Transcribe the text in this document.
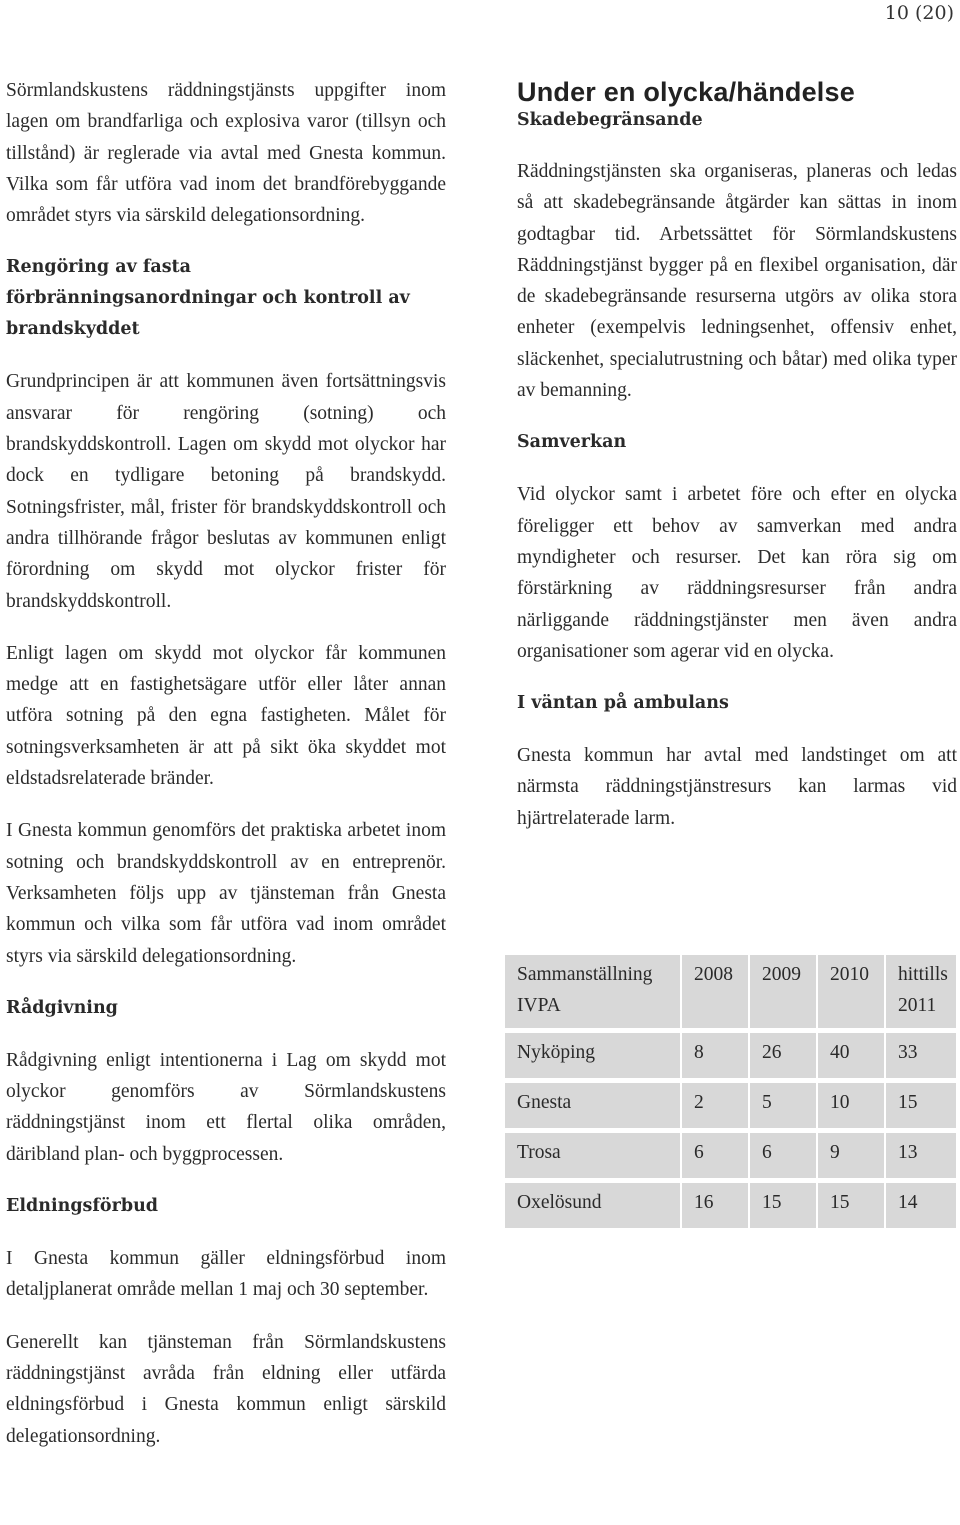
10 (20)

Sörmlandskustens räddningstjänsts uppgifter inom lagen om brandfarliga och explosiva varor (tillsyn och tillstånd) är reglerade via avtal med Gnesta kommun. Vilka som får utföra vad inom det brandförebyggande området styrs via särskild delegationsordning.

Rengöring av fasta förbränningsanordningar och kontroll av brandskyddet

Grundprincipen är att kommunen även fortsättningsvis ansvarar för rengöring (sotning) och brandskyddskontroll. Lagen om skydd mot olyckor har dock en tydligare betoning på brandskydd. Sotningsfrister, mål, frister för brandskyddskontroll och andra tillhörande frågor beslutas av kommunen enligt förordning om skydd mot olyckor frister för brandskyddskontroll.

Enligt lagen om skydd mot olyckor får kommunen medge att en fastighetsägare utför eller låter annan utföra sotning på den egna fastigheten. Målet för sotningsverksamheten är att på sikt öka skyddet mot eldstadsrelaterade bränder.

I Gnesta kommun genomförs det praktiska arbetet inom sotning och brandskyddskontroll av en entreprenör. Verksamheten följs upp av tjänsteman från Gnesta kommun och vilka som får utföra vad inom området styrs via särskild delegationsordning.

Rådgivning

Rådgivning enligt intentionerna i Lag om skydd mot olyckor genomförs av Sörmlandskustens räddningstjänst inom ett flertal olika områden, däribland plan- och byggprocessen.

Eldningsförbud

I Gnesta kommun gäller eldningsförbud inom detaljplanerat område mellan 1 maj och 30 september.

Generellt kan tjänsteman från Sörmlandskustens räddningstjänst avråda från eldning eller utfärda eldningsförbud i Gnesta kommun enligt särskild delegationsordning.

Under en olycka/händelse
Skadebegränsande

Räddningstjänsten ska organiseras, planeras och ledas så att skadebegränsande åtgärder kan sättas in inom godtagbar tid. Arbetssättet för Sörmlandskustens Räddningstjänst bygger på en flexibel organisation, där de skadebegränsande resurserna utgörs av olika stora enheter (exempelvis ledningsenhet, offensiv enhet, släckenhet, specialutrustning och båtar) med olika typer av bemanning.

Samverkan

Vid olyckor samt i arbetet före och efter en olycka föreligger ett behov av samverkan med andra myndigheter och resurser. Det kan röra sig om förstärkning av räddningsresurser från andra närliggande räddningstjänster men även andra organisationer som agerar vid en olycka.

I väntan på ambulans

Gnesta kommun har avtal med landstinget om att närmsta räddningstjänstresurs kan larmas vid hjärtrelaterade larm.

Sammanställning IVPA	2008	2009	2010	hittills 2011
Nyköping	8	26	40	33
Gnesta	2	5	10	15
Trosa	6	6	9	13
Oxelösund	16	15	15	14
